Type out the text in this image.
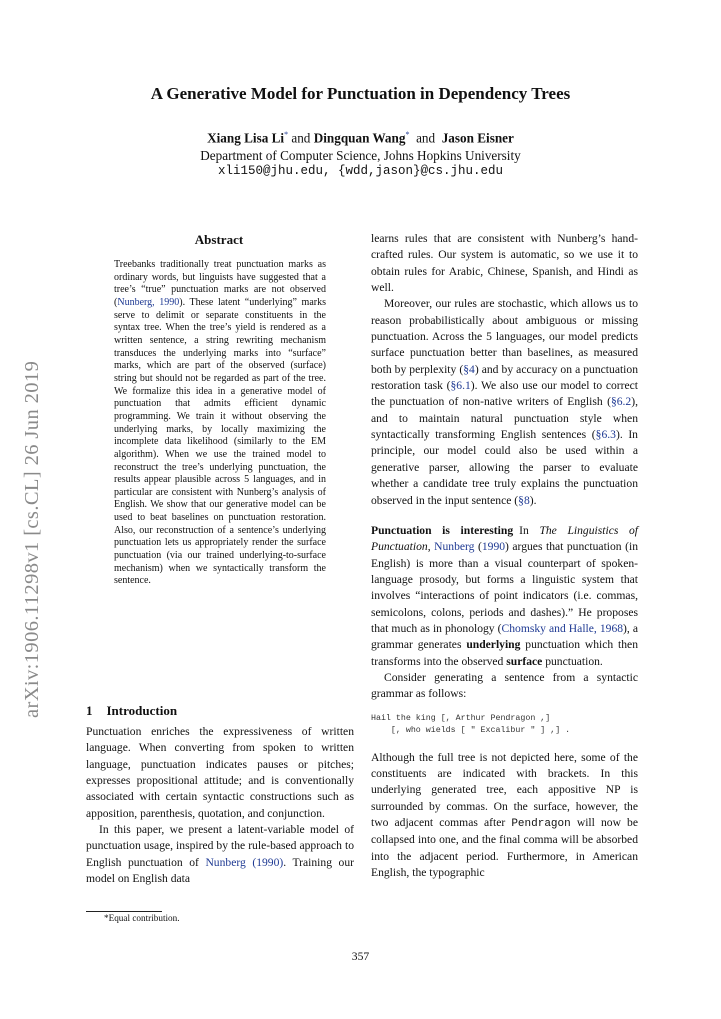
arXiv:1906.11298v1 [cs.CL] 26 Jun 2019
A Generative Model for Punctuation in Dependency Trees
Xiang Lisa Li* and Dingquan Wang* and Jason Eisner
Department of Computer Science, Johns Hopkins University
xli150@jhu.edu, {wdd,jason}@cs.jhu.edu
Abstract
Treebanks traditionally treat punctuation marks as ordinary words, but linguists have suggested that a tree’s “true” punctuation marks are not observed (Nunberg, 1990). These latent “underlying” marks serve to delimit or separate constituents in the syntax tree. When the tree’s yield is rendered as a written sentence, a string rewriting mechanism transduces the underlying marks into “surface” marks, which are part of the observed (surface) string but should not be regarded as part of the tree. We formalize this idea in a generative model of punctuation that admits efficient dynamic programming. We train it without observing the underlying marks, by locally maximizing the incomplete data likelihood (similarly to the EM algorithm). When we use the trained model to reconstruct the tree’s underlying punctuation, the results appear plausible across 5 languages, and in particular are consistent with Nunberg’s analysis of English. We show that our generative model can be used to beat baselines on punctuation restoration. Also, our reconstruction of a sentence’s underlying punctuation lets us appropriately render the surface punctuation (via our trained underlying-to-surface mechanism) when we syntactically transform the sentence.
1 Introduction

Punctuation enriches the expressiveness of written language. When converting from spoken to written language, punctuation indicates pauses or pitches; expresses propositional attitude; and is conventionally associated with certain syntactic constructions such as apposition, parenthesis, quotation, and conjunction.

In this paper, we present a latent-variable model of punctuation usage, inspired by the rule-based approach to English punctuation of Nunberg (1990). Training our model on English data

*Equal contribution.

learns rules that are consistent with Nunberg’s hand-crafted rules. Our system is automatic, so we use it to obtain rules for Arabic, Chinese, Spanish, and Hindi as well.

Moreover, our rules are stochastic, which allows us to reason probabilistically about ambiguous or missing punctuation. Across the 5 languages, our model predicts surface punctuation better than baselines, as measured both by perplexity (§4) and by accuracy on a punctuation restoration task (§6.1). We also use our model to correct the punctuation of non-native writers of English (§6.2), and to maintain natural punctuation style when syntactically transforming English sentences (§6.3). In principle, our model could also be used within a generative parser, allowing the parser to evaluate whether a candidate tree truly explains the punctuation observed in the input sentence (§8).

Punctuation is interesting In The Linguistics of Punctuation, Nunberg (1990) argues that punctuation (in English) is more than a visual counterpart of spoken-language prosody, but forms a linguistic system that involves “interactions of point indicators (i.e. commas, semicolons, colons, periods and dashes).” He proposes that much as in phonology (Chomsky and Halle, 1968), a grammar generates underlying punctuation which then transforms into the observed surface punctuation.

Consider generating a sentence from a syntactic grammar as follows:

Hail the king [, Arthur Pendragon ,]
[, who wields [ " Excalibur " ] ,] .

Although the full tree is not depicted here, some of the constituents are indicated with brackets. In this underlying generated tree, each appositive NP is surrounded by commas. On the surface, however, the two adjacent commas after Pendragon will now be collapsed into one, and the final comma will be absorbed into the adjacent period. Furthermore, in American English, the typographic

357
